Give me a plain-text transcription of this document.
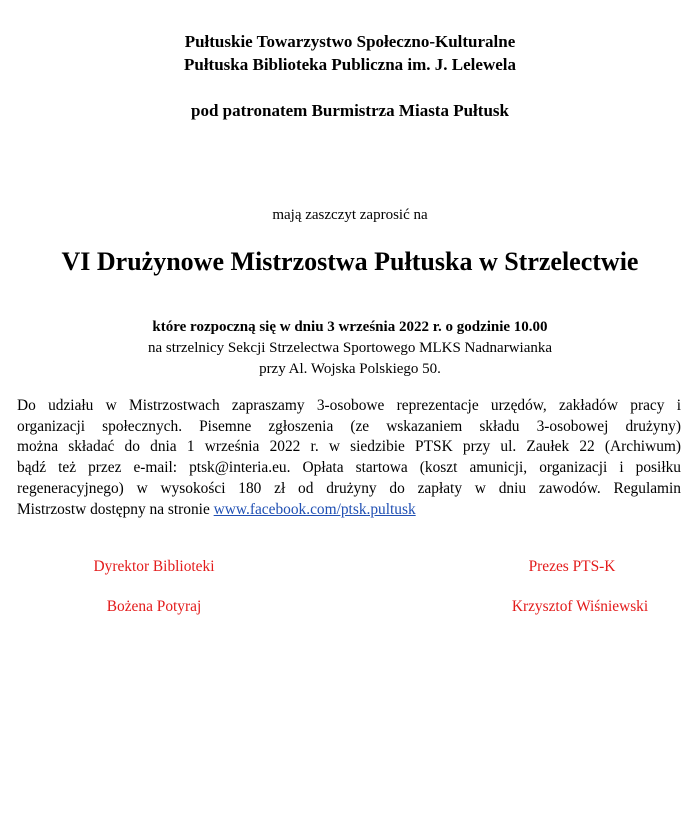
Pułtuskie Towarzystwo Społeczno-Kulturalne
Pułtuska Biblioteka Publiczna im. J. Lelewela
pod patronatem Burmistrza Miasta Pułtusk
mają zaszczyt zaprosić na
VI Drużynowe Mistrzostwa Pułtuska w Strzelectwie
które rozpoczną się w dniu 3 września 2022 r. o godzinie 10.00
na strzelnicy Sekcji Strzelectwa Sportowego MLKS Nadnarwianka
przy Al. Wojska Polskiego 50.
Do udziału w Mistrzostwach zapraszamy 3-osobowe reprezentacje urzędów, zakładów pracy i
organizacji społecznych. Pisemne zgłoszenia (ze wskazaniem składu 3-osobowej drużyny)
można składać do dnia 1 września 2022 r. w siedzibie PTSK przy ul. Zaułek 22 (Archiwum)
bądź też przez e-mail: ptsk@interia.eu. Opłata startowa (koszt amunicji, organizacji i posiłku
regeneracyjnego) w wysokości 180 zł od drużyny do zapłaty w dniu zawodów. Regulamin
Mistrzostw dostępny na stronie www.facebook.com/ptsk.pultusk
Dyrektor Biblioteki
Bożena Potyraj
Prezes PTS-K
Krzysztof Wiśniewski
